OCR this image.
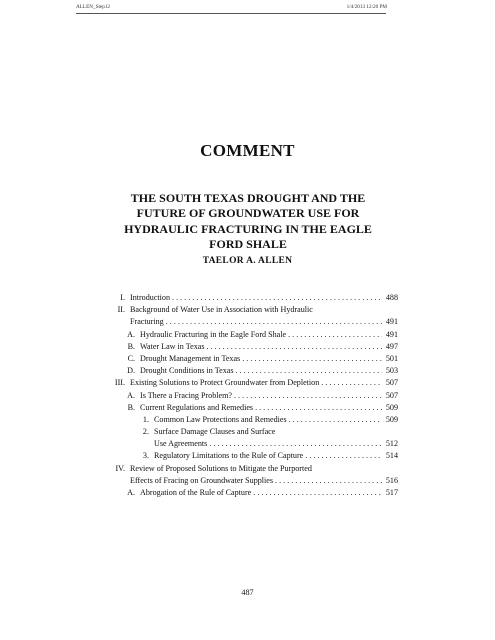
ALLEN_Step12	1/4/2013 12:20 PM
COMMENT
THE SOUTH TEXAS DROUGHT AND THE
FUTURE OF GROUNDWATER USE FOR
HYDRAULIC FRACTURING IN THE EAGLE
FORD SHALE
TAELOR A. ALLEN
I. Introduction . . .	488
II. Background of Water Use in Association with Hydraulic
Fracturing . . .	491
A. Hydraulic Fracturing in the Eagle Ford Shale . . .	491
B. Water Law in Texas . . .	497
C. Drought Management in Texas . . .	501
D. Drought Conditions in Texas . . .	503
III. Existing Solutions to Protect Groundwater from Depletion . . .	507
A. Is There a Fracing Problem? . . .	507
B. Current Regulations and Remedies . . .	509
1. Common Law Protections and Remedies . . .	509
2. Surface Damage Clauses and Surface
Use Agreements . . .	512
3. Regulatory Limitations to the Rule of Capture . . .	514
IV. Review of Proposed Solutions to Mitigate the Purported
Effects of Fracing on Groundwater Supplies . . .	516
A. Abrogation of the Rule of Capture . . .	517
487
